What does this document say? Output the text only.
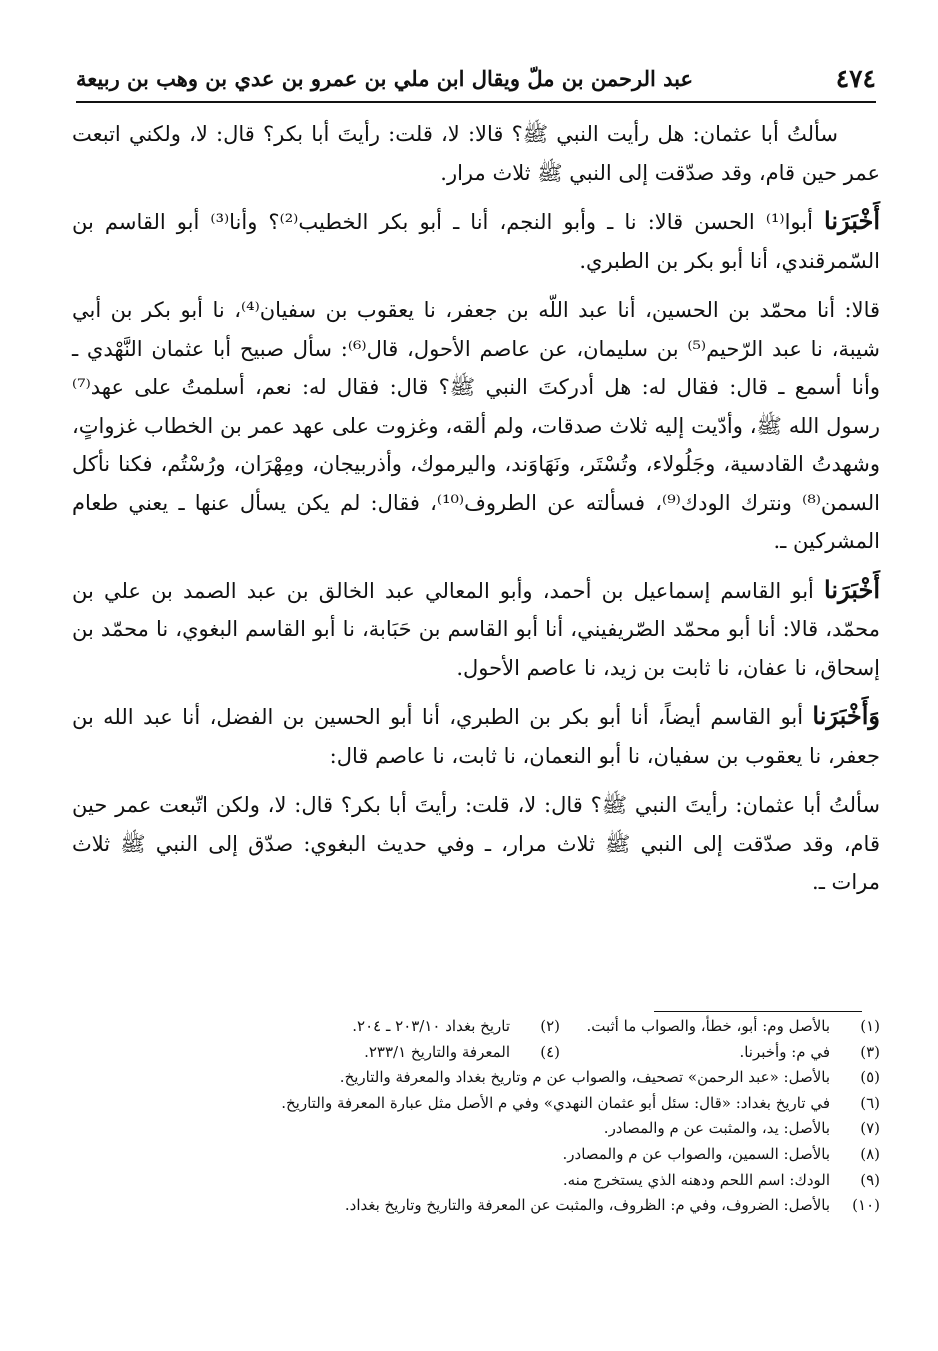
٤٧٤
عبد الرحمن بن ملّ ويقال ابن ملي بن عمرو بن عدي بن وهب بن ربيعة

سألتُ أبا عثمان: هل رأيت النبي ﷺ؟ قالا: لا، قلت: رأيتَ أبا بكر؟ قال: لا، ولكني اتبعت عمر حين قام، وقد صدّقت إلى النبي ﷺ ثلاث مرار.

أَخْبَرَنا أبوا⁽¹⁾ الحسن قالا: نا ـ وأبو النجم، أنا ـ أبو بكر الخطيب⁽²⁾؟ وأنا⁽³⁾ أبو القاسم بن السّمرقندي، أنا أبو بكر بن الطبري.

قالا: أنا محمّد بن الحسين، أنا عبد اللّه بن جعفر، نا يعقوب بن سفيان⁽⁴⁾، نا أبو بكر بن أبي شيبة، نا عبد الرّحيم⁽⁵⁾ بن سليمان، عن عاصم الأحول، قال⁽⁶⁾: سأل صبيح أبا عثمان النَّهْدي ـ وأنا أسمع ـ قال: فقال له: هل أدركتَ النبي ﷺ؟ قال: فقال له: نعم، أسلمتُ على عهد⁽⁷⁾ رسول الله ﷺ، وأدّيت إليه ثلاث صدقات، ولم ألقه، وغزوت على عهد عمر بن الخطاب غزواتٍ، وشهدتُ القادسية، وجَلُولاء، وتُسْتَر، ونَهَاوَند، واليرموك، وأذربيجان، ومِهْرَان، ورُسْتُم، فكنا نأكل السمن⁽⁸⁾ ونترك الودك⁽⁹⁾، فسألته عن الطروف⁽¹⁰⁾، فقال: لم يكن يسأل عنها ـ يعني طعام المشركين ـ.

أَخْبَرَنا أبو القاسم إسماعيل بن أحمد، وأبو المعالي عبد الخالق بن عبد الصمد بن علي بن محمّد، قالا: أنا أبو محمّد الصّريفيني، أنا أبو القاسم بن حَبَابة، نا أبو القاسم البغوي، نا محمّد بن إسحاق، نا عفان، نا ثابت بن زيد، نا عاصم الأحول.

وَأَخْبَرَنا أبو القاسم أيضاً، أنا أبو بكر بن الطبري، أنا أبو الحسين بن الفضل، أنا عبد الله بن جعفر، نا يعقوب بن سفيان، نا أبو النعمان، نا ثابت، نا عاصم قال:

سألتُ أبا عثمان: رأيتَ النبي ﷺ؟ قال: لا، قلت: رأيتَ أبا بكر؟ قال: لا، ولكن اتّبعت عمر حين قام، وقد صدّقت إلى النبي ﷺ ثلاث مرار، ـ وفي حديث البغوي: صدّق إلى النبي ﷺ ثلاث مرات ـ.

(١)
بالأصل وم: أبو، خطأ، والصواب ما أثبت.
(٢)
تاريخ بغداد ٢٠٣/١٠ ـ ٢٠٤.
(٣)
في م: وأخبرنا.
(٤)
المعرفة والتاريخ ٢٣٣/١.
(٥)
بالأصل: «عبد الرحمن» تصحيف، والصواب عن م وتاريخ بغداد والمعرفة والتاريخ.
(٦)
في تاريخ بغداد: «قال: سئل أبو عثمان النهدي» وفي م الأصل مثل عبارة المعرفة والتاريخ.
(٧)
بالأصل: يد، والمثبت عن م والمصادر.
(٨)
بالأصل: السمين، والصواب عن م والمصادر.
(٩)
الودك: اسم اللحم ودهنه الذي يستخرج منه.
(١٠)
بالأصل: الضروف، وفي م: الظروف، والمثبت عن المعرفة والتاريخ وتاريخ بغداد.
